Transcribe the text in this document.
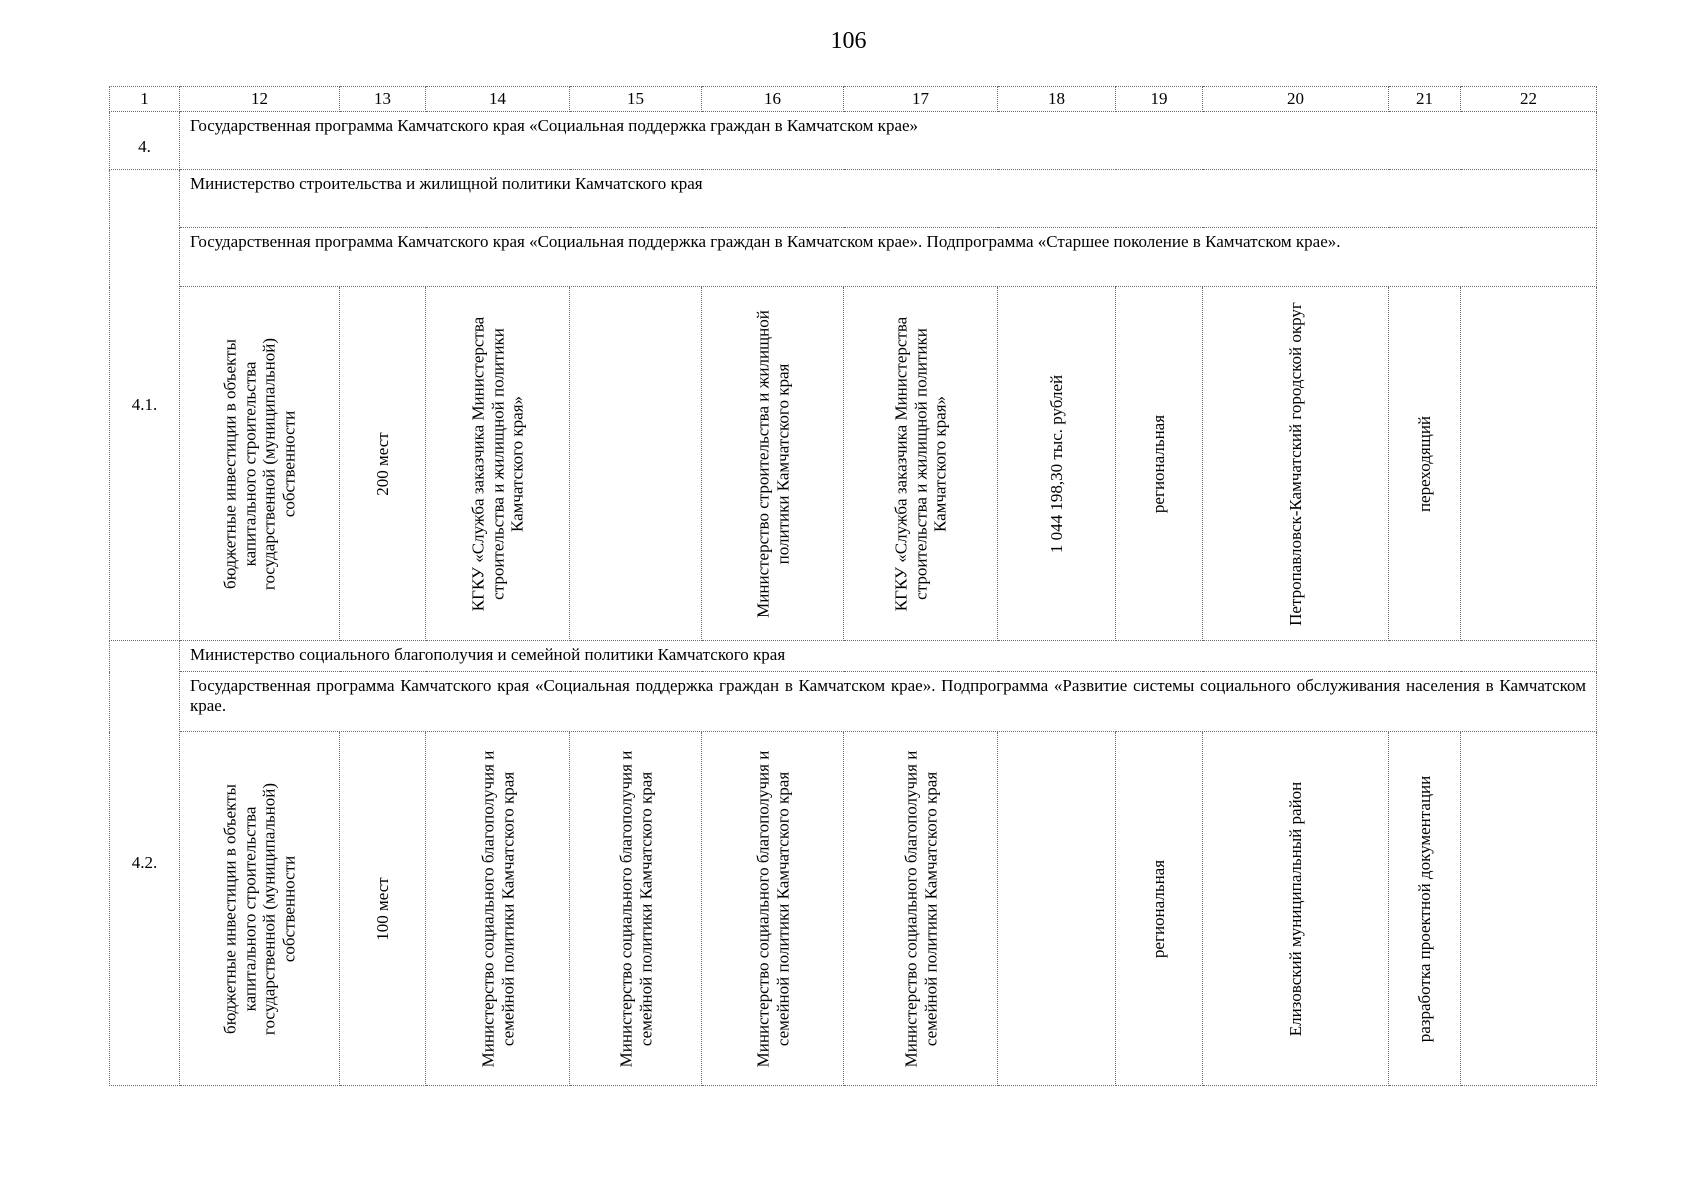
106
1	12	13	14	15	16	17	18	19	20	21	22
4.	Государственная программа Камчатского края «Социальная поддержка граждан в Камчатском крае»										
4.1.	Министерство строительства и жилищной политики Камчатского края										
	Государственная программа Камчатского края «Социальная поддержка граждан в Камчатском крае». Подпрограмма «Старшее поколение в Камчатском крае».										

	бюджетные инвестиции в объекты капитального строительства государственной (муниципальной) собственности	200 мест	КГКУ «Служба заказчика Министерства строительства и жилищной политики Камчатского края»		Министерство строительства и жилищной политики Камчатского края	КГКУ «Служба заказчика Министерства строительства и жилищной политики Камчатского края»	1 044 198,30 тыс. рублей	региональная	Петропавловск-Камчатский городской округ	переходящий	

4.2.	Министерство социального благополучия и семейной политики Камчатского края										
	Государственная программа Камчатского края «Социальная поддержка граждан в Камчатском крае». Подпрограмма «Развитие системы социального обслуживания населения в Камчатском крае.										

	бюджетные инвестиции в объекты капитального строительства государственной (муниципальной) собственности	100 мест	Министерство социального благополучия и семейной политики Камчатского края	Министерство социального благополучия и семейной политики Камчатского края	Министерство социального благополучия и семейной политики Камчатского края	Министерство социального благополучия и семейной политики Камчатского края		региональная	Елизовский муниципальный район	разработка проектной документации	
